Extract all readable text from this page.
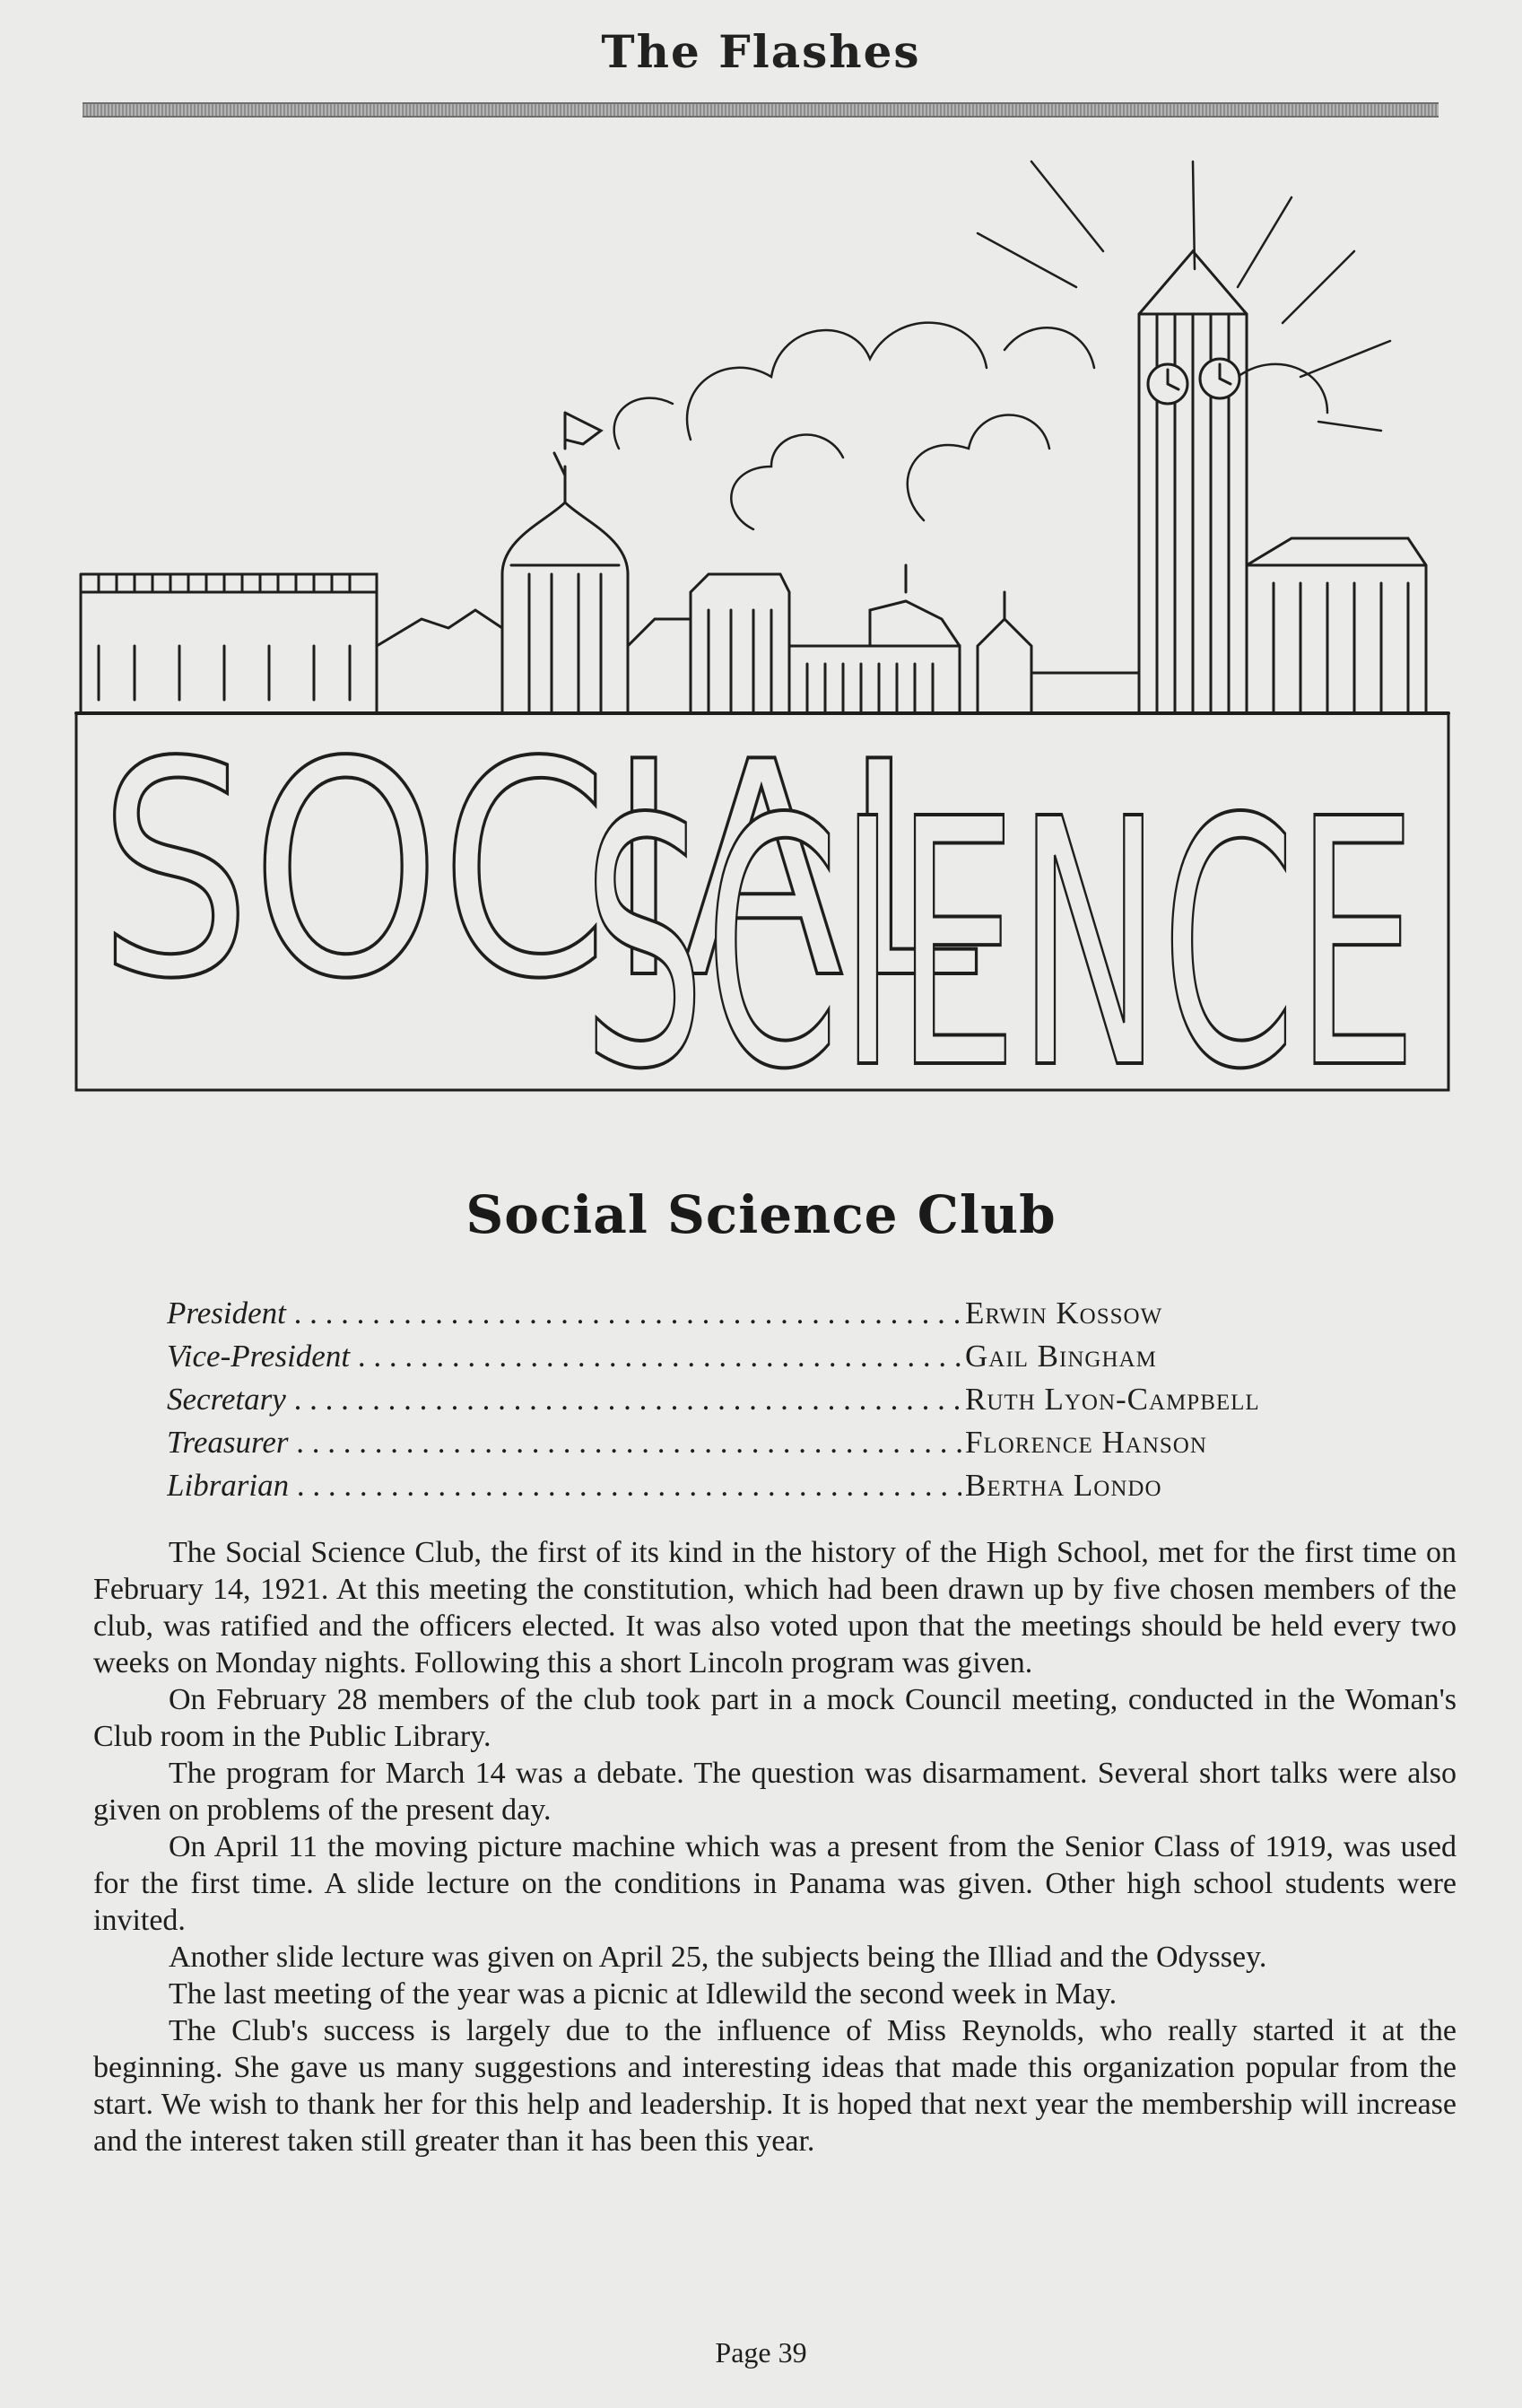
The Flashes
SOCIAL
SCIENCE
Social Science Club
President . . .	Erwin Kossow
Vice-President . . .	Gail Bingham
Secretary . . .	Ruth Lyon-Campbell
Treasurer . . .	Florence Hanson
Librarian . . .	Bertha Londo

The Social Science Club, the first of its kind in the history of the High School, met for the first time on February 14, 1921. At this meeting the constitution, which had been drawn up by five chosen members of the club, was ratified and the officers elected. It was also voted upon that the meetings should be held every two weeks on Monday nights. Following this a short Lincoln program was given.

On February 28 members of the club took part in a mock Council meeting, conducted in the Woman's Club room in the Public Library.

The program for March 14 was a debate. The question was disarmament. Several short talks were also given on problems of the present day.

On April 11 the moving picture machine which was a present from the Senior Class of 1919, was used for the first time. A slide lecture on the conditions in Panama was given. Other high school students were invited.

Another slide lecture was given on April 25, the subjects being the Illiad and the Odyssey.

The last meeting of the year was a picnic at Idlewild the second week in May.

The Club's success is largely due to the influence of Miss Reynolds, who really started it at the beginning. She gave us many suggestions and interesting ideas that made this organization popular from the start. We wish to thank her for this help and leadership. It is hoped that next year the membership will increase and the interest taken still greater than it has been this year.

Page 39
